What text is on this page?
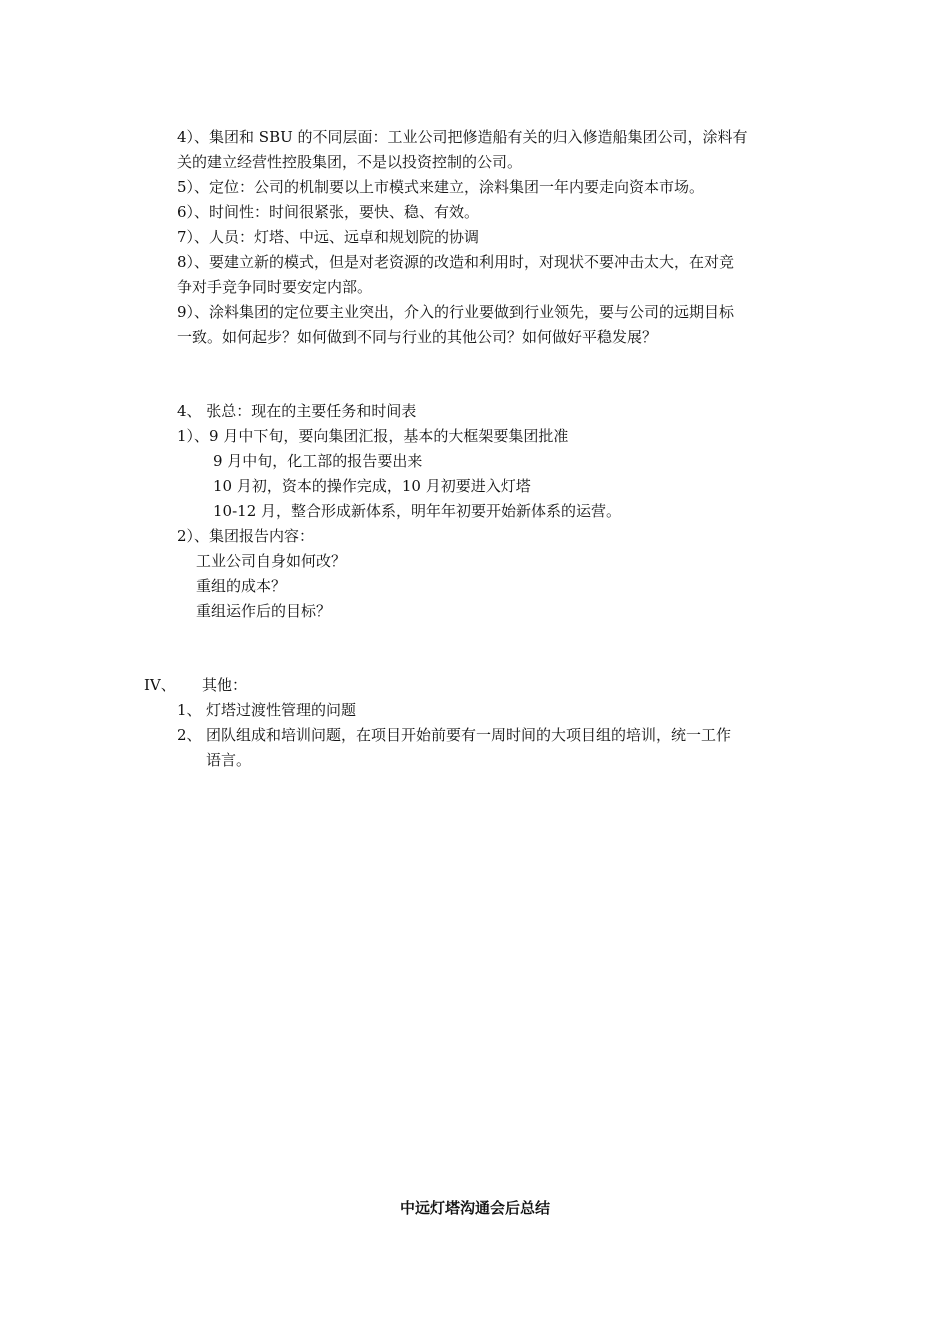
4）、集团和 SBU 的不同层面：工业公司把修造船有关的归入修造船集团公司，涂料有
关的建立经营性控股集团，不是以投资控制的公司。
5）、定位：公司的机制要以上市模式来建立，涂料集团一年内要走向资本市场。
6）、时间性：时间很紧张，要快、稳、有效。
7）、人员：灯塔、中远、远卓和规划院的协调
8）、要建立新的模式，但是对老资源的改造和利用时，对现状不要冲击太大，在对竞
争对手竞争同时要安定内部。
9）、涂料集团的定位要主业突出，介入的行业要做到行业领先，要与公司的远期目标
一致。如何起步？如何做到不同与行业的其他公司？如何做好平稳发展？
4、 张总：现在的主要任务和时间表
1）、9 月中下旬，要向集团汇报，基本的大框架要集团批准
9 月中旬，化工部的报告要出来
10 月初，资本的操作完成，10 月初要进入灯塔
10-12 月，整合形成新体系，明年年初要开始新体系的运营。
2）、集团报告内容：
工业公司自身如何改？
重组的成本？
重组运作后的目标？
IV、 其他：
1、 灯塔过渡性管理的问题
2、 团队组成和培训问题，在项目开始前要有一周时间的大项目组的培训，统一工作
语言。
中远灯塔沟通会后总结
